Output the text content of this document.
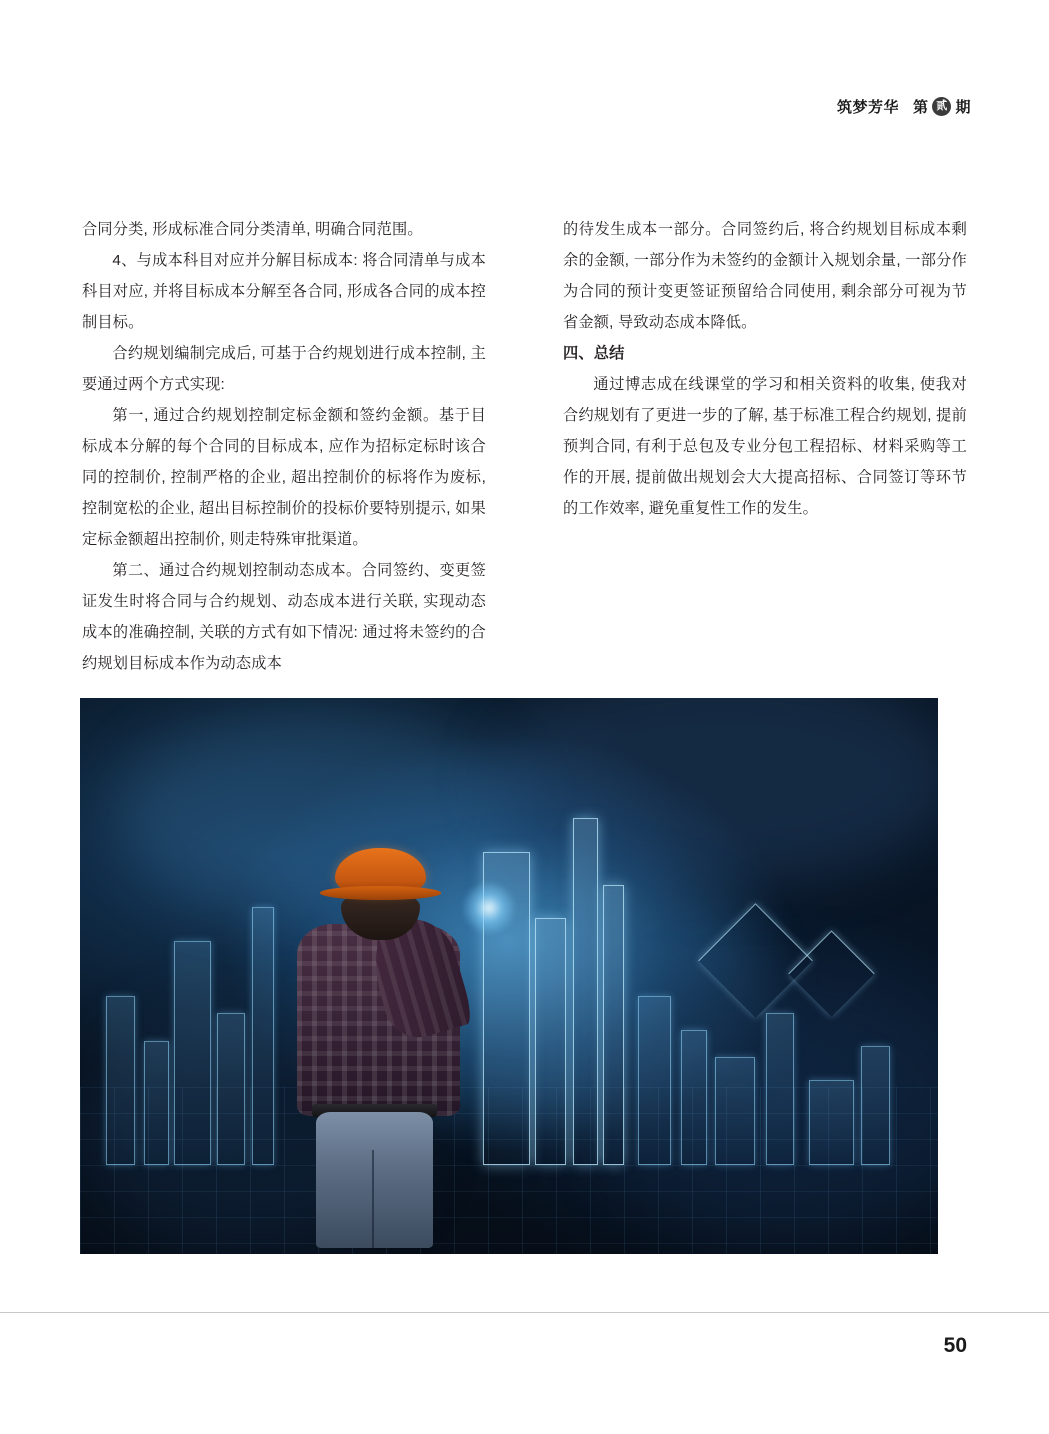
筑梦芳华 第 贰 期

合同分类, 形成标准合同分类清单, 明确合同范围。

4、与成本科目对应并分解目标成本: 将合同清单与成本科目对应, 并将目标成本分解至各合同, 形成各合同的成本控制目标。

合约规划编制完成后, 可基于合约规划进行成本控制, 主要通过两个方式实现:

第一, 通过合约规划控制定标金额和签约金额。基于目标成本分解的每个合同的目标成本, 应作为招标定标时该合同的控制价, 控制严格的企业, 超出控制价的标将作为废标, 控制宽松的企业, 超出目标控制价的投标价要特别提示, 如果定标金额超出控制价, 则走特殊审批渠道。

第二、通过合约规划控制动态成本。合同签约、变更签证发生时将合同与合约规划、动态成本进行关联, 实现动态成本的准确控制, 关联的方式有如下情况: 通过将未签约的合约规划目标成本作为动态成本

的待发生成本一部分。合同签约后, 将合约规划目标成本剩余的金额, 一部分作为未签约的金额计入规划余量, 一部分作为合同的预计变更签证预留给合同使用, 剩余部分可视为节省金额, 导致动态成本降低。

四、总结

通过博志成在线课堂的学习和相关资料的收集, 使我对合约规划有了更进一步的了解, 基于标准工程合约规划, 提前预判合同, 有利于总包及专业分包工程招标、材料采购等工作的开展, 提前做出规划会大大提高招标、合同签订等环节的工作效率, 避免重复性工作的发生。

50
